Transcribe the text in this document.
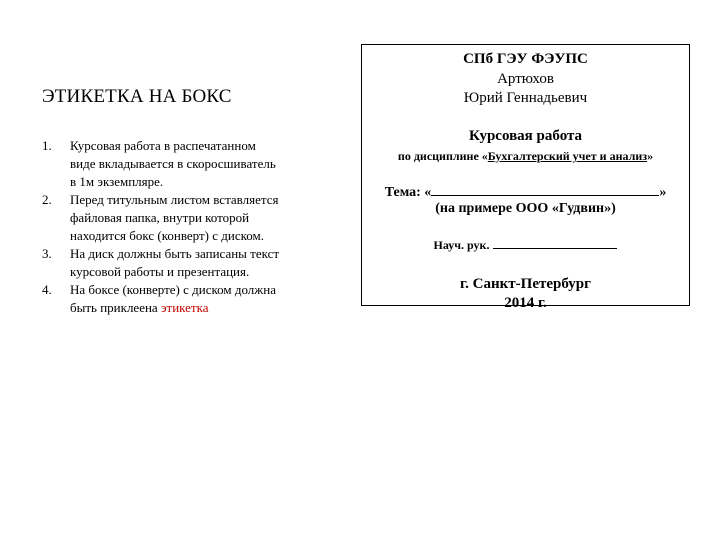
ЭТИКЕТКА НА БОКС
1. Курсовая работа в распечатанном виде вкладывается в скоросшиватель в 1м экземпляре.
2. Перед титульным листом вставляется файловая папка, внутри которой находится бокс (конверт) с диском.
3. На диск должны быть записаны текст курсовой работы и презентация.
4. На боксе (конверте) с диском должна быть приклеена этикетка
СПб ГЭУ ФЭУПС
Артюхов
Юрий Геннадьевич
Курсовая работа
по дисциплине «Бухгалтерский учет и анализ»
Тема: «	»
(на примере ООО «Гудвин»)
Науч. рук.
г. Санкт-Петербург
2014 г.
